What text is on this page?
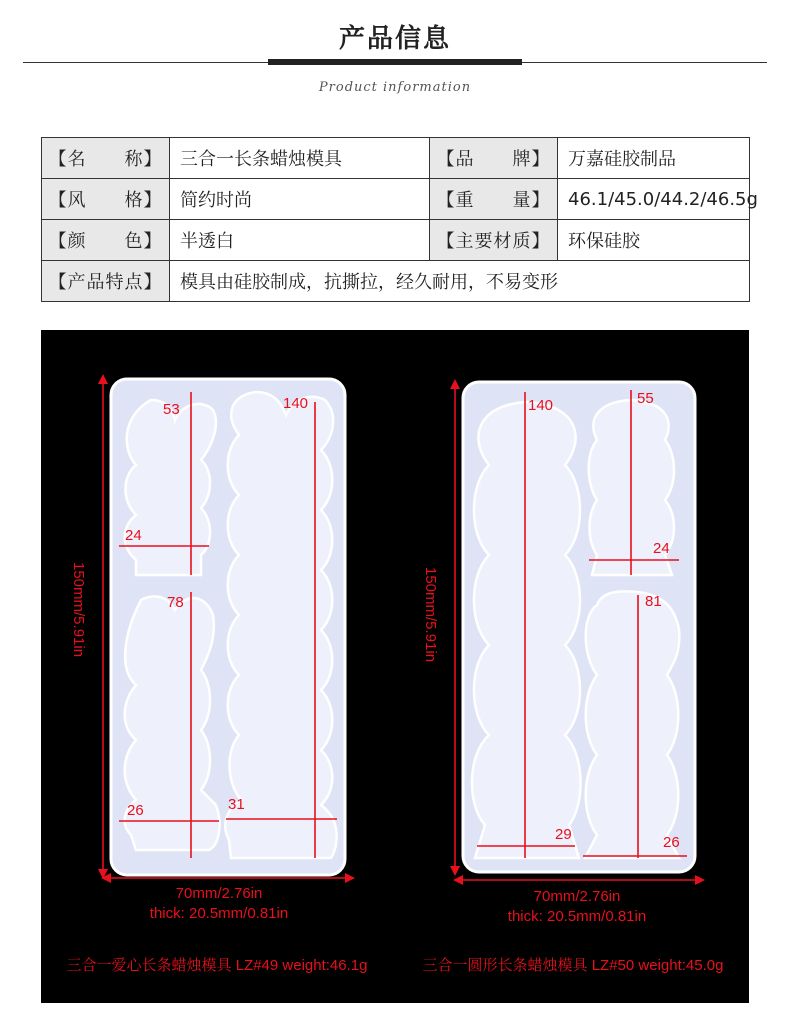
产品信息
Product information
【名　　称】	三合一长条蜡烛模具	【品　　牌】	万嘉硅胶制品
【风　　格】	简约时尚	【重　　量】	46.1/45.0/44.2/46.5g
【颜　　色】	半透白	【主要材质】	环保硅胶
【产品特点】	模具由硅胶制成，抗撕拉，经久耐用，不易变形		
53	140
24
78
26	31
150mm/5.91in
70mm/2.76in
thick: 20.5mm/0.81in
三合一爱心长条蜡烛模具 LZ#49 weight:46.1g
140	55
24
81
29	26
150mm/5.91in
70mm/2.76in
thick: 20.5mm/0.81in
三合一圆形长条蜡烛模具 LZ#50 weight:45.0g
